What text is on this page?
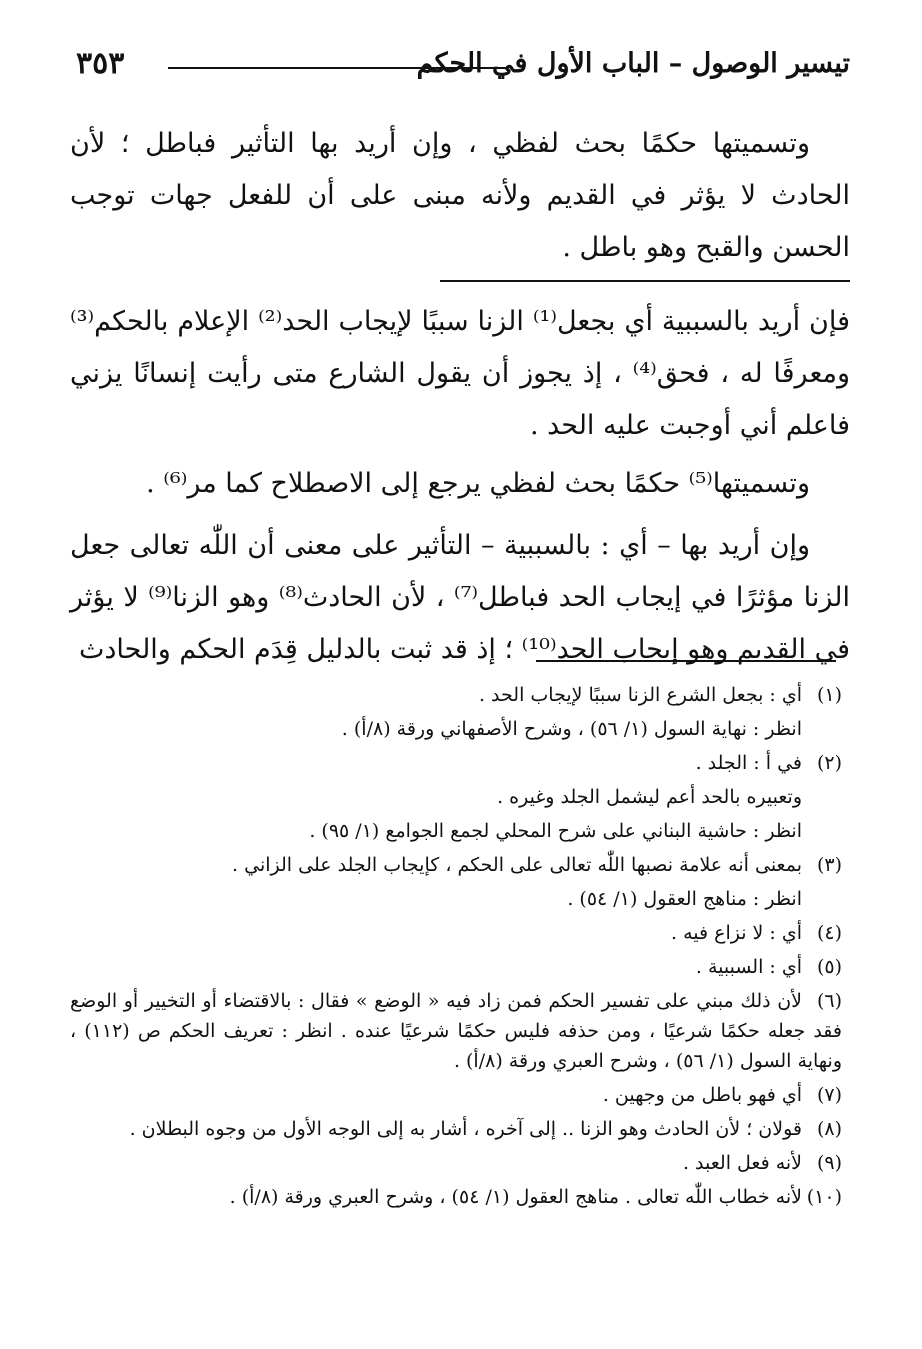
تيسير الوصول – الباب الأول في الحكم
٣٥٣

وتسميتها حكمًا بحث لفظي ، وإن أريد بها التأثير فباطل ؛ لأن الحادث لا يؤثر في القديم ولأنه مبنى على أن للفعل جهات توجب الحسن والقبح وهو باطل .

فإن أريد بالسببية أي بجعل⁽¹⁾ الزنا سببًا لإيجاب الحد⁽²⁾ الإعلام بالحكم⁽³⁾ ومعرفًا له ، فحق⁽⁴⁾ ، إذ يجوز أن يقول الشارع متى رأيت إنسانًا يزني فاعلم أني أوجبت عليه الحد .

وتسميتها⁽⁵⁾ حكمًا بحث لفظي يرجع إلى الاصطلاح كما مر⁽⁶⁾ .

وإن أريد بها – أي : بالسببية – التأثير على معنى أن اللّٰه تعالى جعل الزنا مؤثرًا في إيجاب الحد فباطل⁽⁷⁾ ، لأن الحادث⁽⁸⁾ وهو الزنا⁽⁹⁾ لا يؤثر في القديم وهو إيجاب الحد⁽¹⁰⁾ ؛ إذ قد ثبت بالدليل قِدَم الحكم والحادث

(١)أي : بجعل الشرع الزنا سببًا لإيجاب الحد .
انظر : نهاية السول (١/ ٥٦) ، وشرح الأصفهاني ورقة (٨/أ) .
(٢)في أ : الجلد .
وتعبيره بالحد أعم ليشمل الجلد وغيره .
انظر : حاشية البناني على شرح المحلي لجمع الجوامع (١/ ٩٥) .
(٣)بمعنى أنه علامة نصبها اللّٰه تعالى على الحكم ، كإيجاب الجلد على الزاني .
انظر : مناهج العقول (١/ ٥٤) .
(٤)أي : لا نزاع فيه .
(٥)أي : السببية .
(٦)لأن ذلك مبني على تفسير الحكم فمن زاد فيه « الوضع » فقال : بالاقتضاء أو التخيير أو الوضع فقد جعله حكمًا شرعيًا ، ومن حذفه فليس حكمًا شرعيًا عنده . انظر : تعريف الحكم ص (١١٢) ، ونهاية السول (١/ ٥٦) ، وشرح العبري ورقة (٨/أ) .
(٧)أي فهو باطل من وجهين .
(٨)قولان ؛ لأن الحادث وهو الزنا .. إلى آخره ، أشار به إلى الوجه الأول من وجوه البطلان .
(٩)لأنه فعل العبد .
(١٠)لأنه خطاب اللّٰه تعالى . مناهج العقول (١/ ٥٤) ، وشرح العبري ورقة (٨/أ) .
